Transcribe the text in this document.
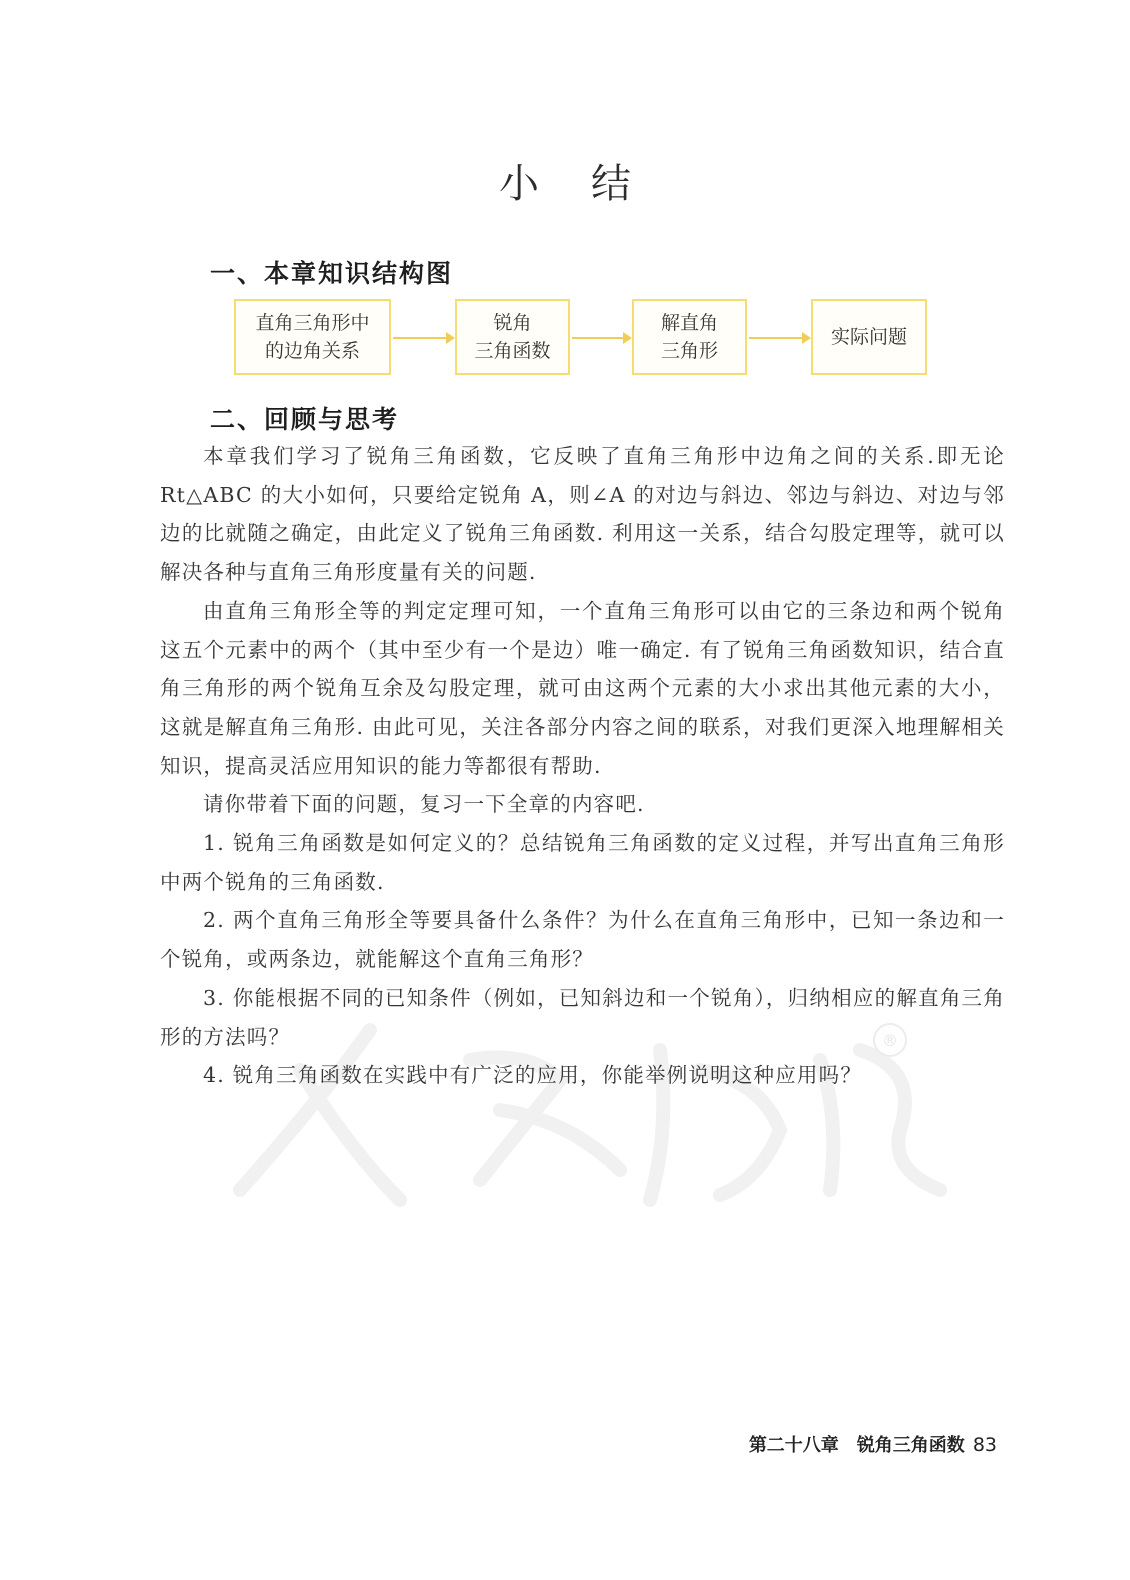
小结
一、本章知识结构图
直角三角形中
的边角关系
锐角
三角函数
解直角
三角形
实际问题
二、回顾与思考
®

本章我们学习了锐角三角函数，它反映了直角三角形中边角之间的关系.即无论 Rt△ABC 的大小如何，只要给定锐角 A，则∠A 的对边与斜边、邻边与斜边、对边与邻边的比就随之确定，由此定义了锐角三角函数. 利用这一关系，结合勾股定理等，就可以解决各种与直角三角形度量有关的问题.

由直角三角形全等的判定定理可知，一个直角三角形可以由它的三条边和两个锐角这五个元素中的两个（其中至少有一个是边）唯一确定. 有了锐角三角函数知识，结合直角三角形的两个锐角互余及勾股定理，就可由这两个元素的大小求出其他元素的大小，这就是解直角三角形. 由此可见，关注各部分内容之间的联系，对我们更深入地理解相关知识，提高灵活应用知识的能力等都很有帮助.

请你带着下面的问题，复习一下全章的内容吧.

1. 锐角三角函数是如何定义的？总结锐角三角函数的定义过程，并写出直角三角形中两个锐角的三角函数.

2. 两个直角三角形全等要具备什么条件？为什么在直角三角形中，已知一条边和一个锐角，或两条边，就能解这个直角三角形？

3. 你能根据不同的已知条件（例如，已知斜边和一个锐角），归纳相应的解直角三角形的方法吗？

4. 锐角三角函数在实践中有广泛的应用，你能举例说明这种应用吗？

第二十八章 锐角三角函数 83
